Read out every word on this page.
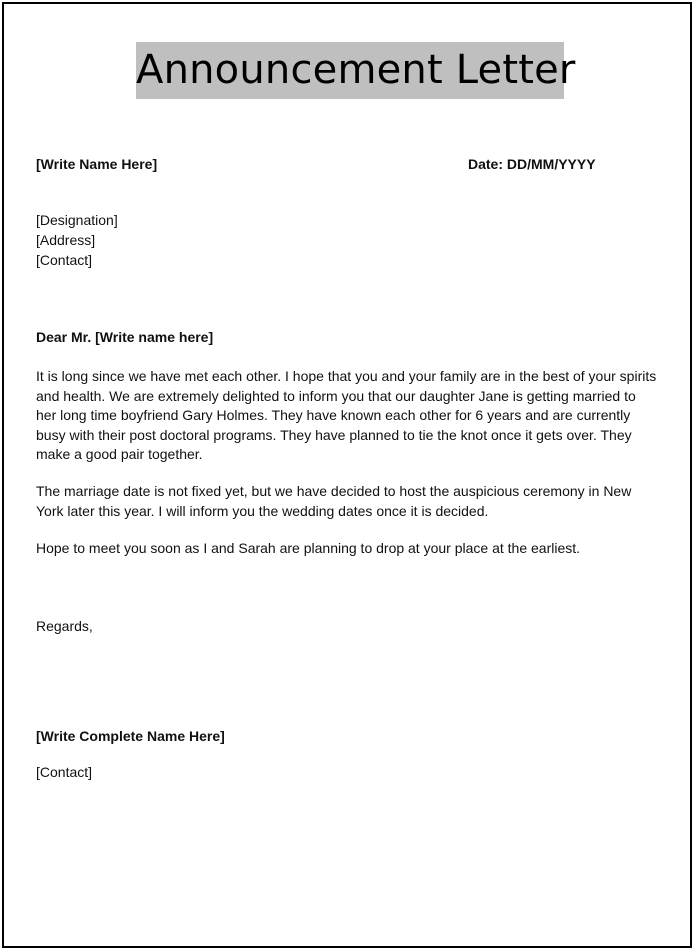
Announcement Letter
[Write Name Here]	Date: DD/MM/YYYY
[Designation]
[Address]
[Contact]
Dear Mr. [Write name here]

It is long since we have met each other. I hope that you and your family are in the best of your spirits and health. We are extremely delighted to inform you that our daughter Jane is getting married to her long time boyfriend Gary Holmes. They have known each other for 6 years and are currently busy with their post doctoral programs. They have planned to tie the knot once it gets over. They make a good pair together.

The marriage date is not fixed yet, but we have decided to host the auspicious ceremony in New York later this year. I will inform you the wedding dates once it is decided.

Hope to meet you soon as I and Sarah are planning to drop at your place at the earliest.

Regards,
[Write Complete Name Here]
[Contact]
